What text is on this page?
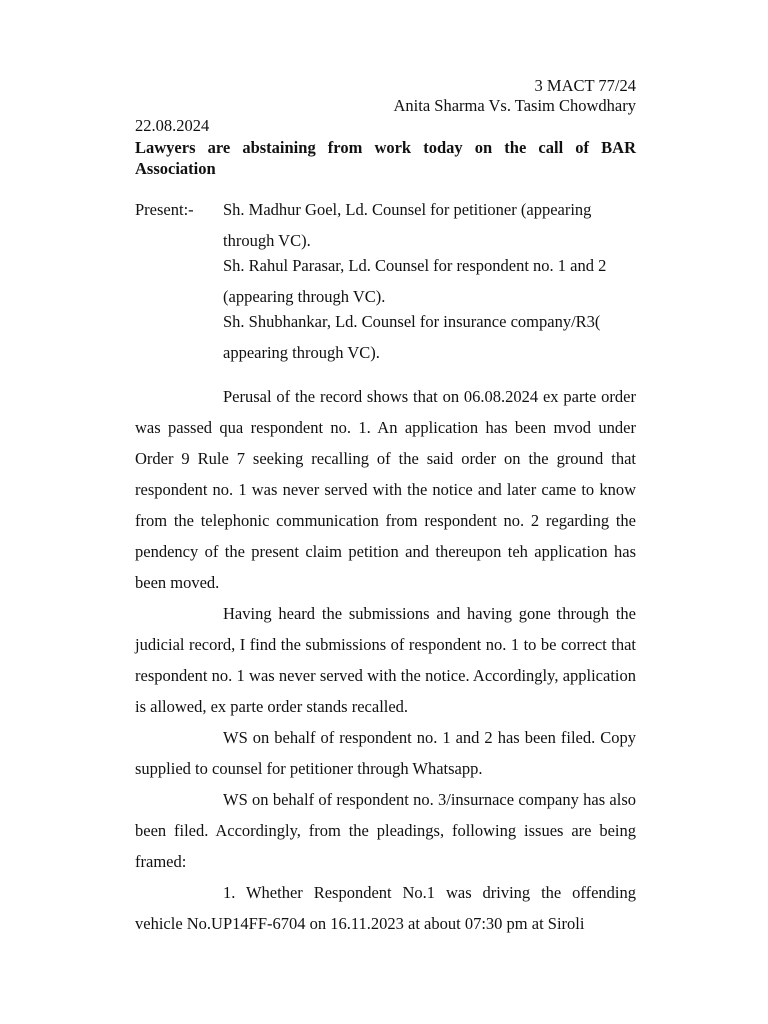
3 MACT 77/24
Anita Sharma Vs. Tasim Chowdhary
22.08.2024
Lawyers are abstaining from work today on the call of BAR Association
Present:- Sh. Madhur Goel, Ld. Counsel for petitioner (appearing through VC).
Sh. Rahul Parasar, Ld. Counsel for respondent no. 1 and 2 (appearing through VC).
Sh. Shubhankar, Ld. Counsel for insurance company/R3( appearing through VC).

Perusal of the record shows that on 06.08.2024 ex parte order was passed qua respondent no. 1. An application has been mvod under Order 9 Rule 7 seeking recalling of the said order on the ground that respondent no. 1 was never served with the notice and later came to know from the telephonic communication from respondent no. 2 regarding the pendency of the present claim petition and thereupon teh application has been moved.

Having heard the submissions and having gone through the judicial record, I find the submissions of respondent no. 1 to be correct that respondent no. 1 was never served with the notice. Accordingly, application is allowed, ex parte order stands recalled.

WS on behalf of respondent no. 1 and 2 has been filed. Copy supplied to counsel for petitioner through Whatsapp.

WS on behalf of respondent no. 3/insurnace company has also been filed. Accordingly, from the pleadings, following issues are being framed:

1. Whether Respondent No.1 was driving the offending vehicle No.UP14FF-6704 on 16.11.2023 at about 07:30 pm at Siroli
